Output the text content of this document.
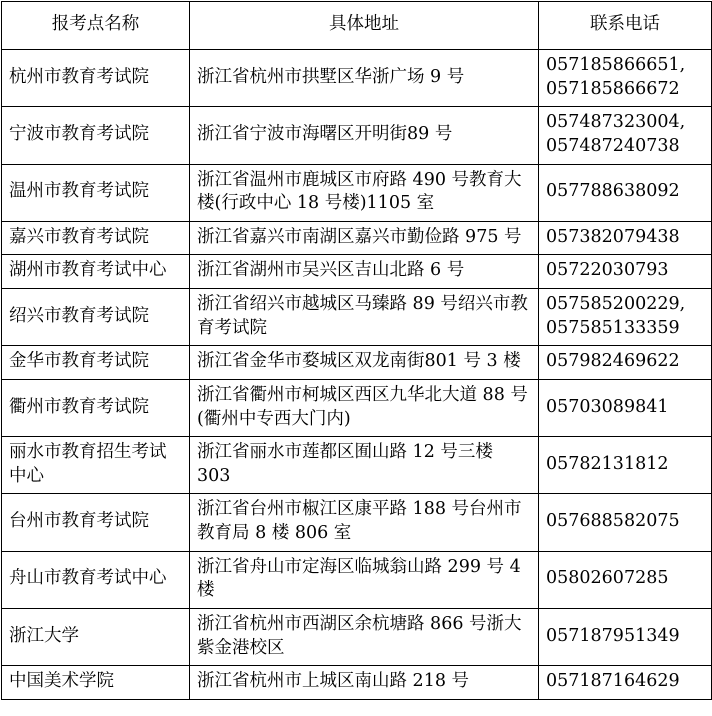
报考点名称	具体地址	联系电话
杭州市教育考试院	浙江省杭州市拱墅区华浙广场 9 号	057185866651,
057185866672

宁波市教育考试院	浙江省宁波市海曙区开明街89 号	057487323004,
057487240738

温州市教育考试院	浙江省温州市鹿城区市府路 490 号教育大楼(行政中心 18 号楼)1105 室	057788638092

嘉兴市教育考试院	浙江省嘉兴市南湖区嘉兴市勤俭路 975 号	057382079438

湖州市教育考试中心	浙江省湖州市吴兴区吉山北路 6 号	05722030793

绍兴市教育考试院	浙江省绍兴市越城区马臻路 89 号绍兴市教育考试院	057585200229,
057585133359

金华市教育考试院	浙江省金华市婺城区双龙南街801 号 3 楼	057982469622

衢州市教育考试院	浙江省衢州市柯城区西区九华北大道 88 号(衢州中专西大门内)	05703089841

丽水市教育招生考试中心	浙江省丽水市莲都区囿山路 12 号三楼 303	05782131812

台州市教育考试院	浙江省台州市椒江区康平路 188 号台州市教育局 8 楼 806 室	057688582075

舟山市教育考试中心	浙江省舟山市定海区临城翁山路 299 号 4 楼	05802607285

浙江大学	浙江省杭州市西湖区余杭塘路 866 号浙大紫金港校区	057187951349

中国美术学院	浙江省杭州市上城区南山路 218 号	057187164629
